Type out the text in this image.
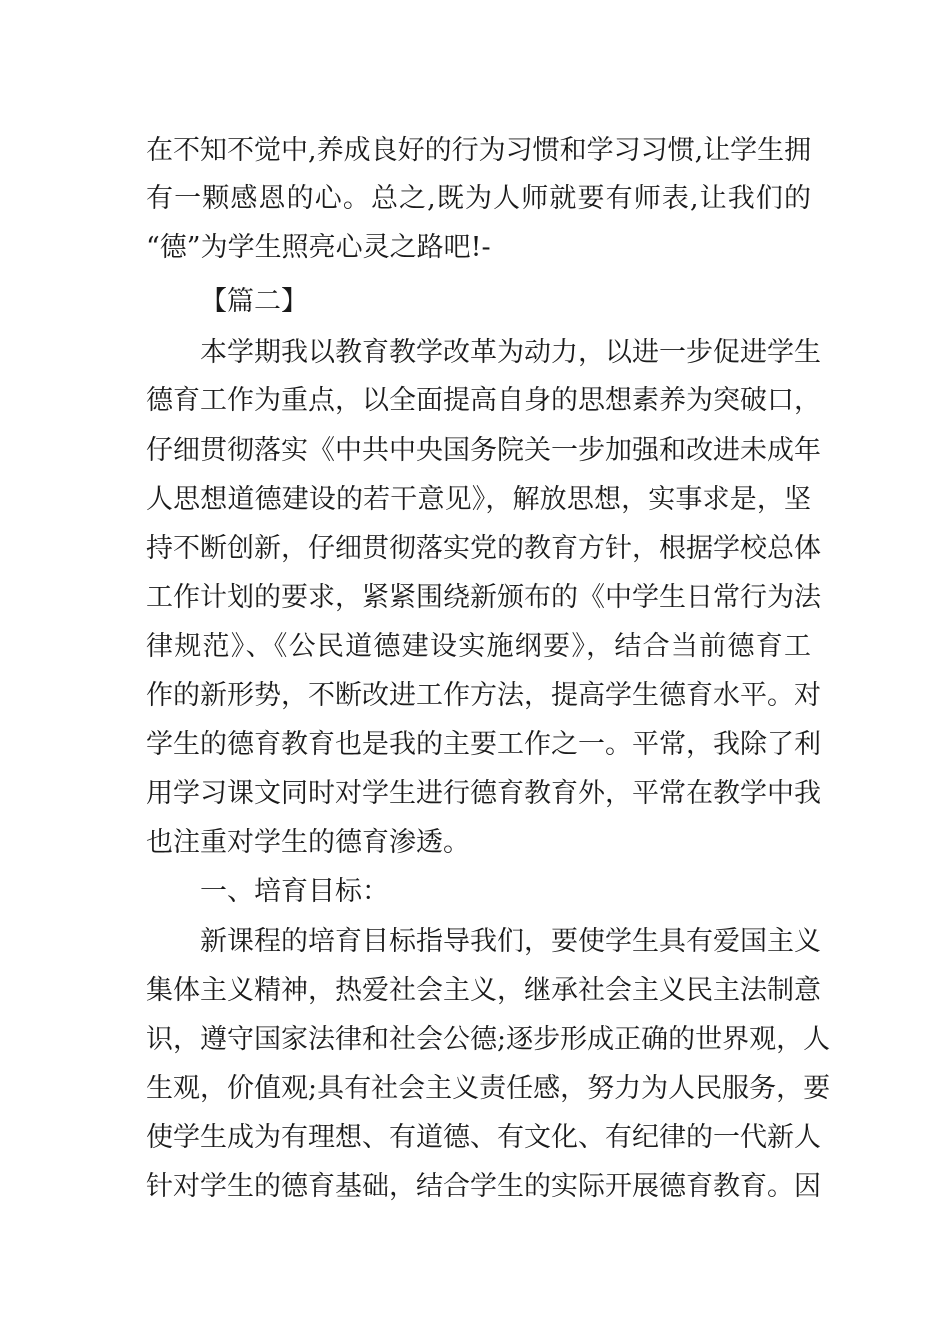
在不知不觉中,养成良好的行为习惯和学习习惯,让学生拥
有一颗感恩的心。总之,既为人师就要有师表,让我们的
“德”为学生照亮心灵之路吧!-
【篇二】
本学期我以教育教学改革为动力，以进一步促进学生
德育工作为重点，以全面提高自身的思想素养为突破口，
仔细贯彻落实《中共中央国务院关一步加强和改进未成年
人思想道德建设的若干意见》，解放思想，实事求是，坚
持不断创新，仔细贯彻落实党的教育方针，根据学校总体
工作计划的要求，紧紧围绕新颁布的《中学生日常行为法
律规范》、《公民道德建设实施纲要》，结合当前德育工
作的新形势，不断改进工作方法，提高学生德育水平。对
学生的德育教育也是我的主要工作之一。平常，我除了利
用学习课文同时对学生进行德育教育外，平常在教学中我
也注重对学生的德育渗透。
一、培育目标：
新课程的培育目标指导我们，要使学生具有爱国主义
集体主义精神，热爱社会主义，继承社会主义民主法制意
识，遵守国家法律和社会公德;逐步形成正确的世界观，人
生观，价值观;具有社会主义责任感，努力为人民服务，要
使学生成为有理想、有道德、有文化、有纪律的一代新人
针对学生的德育基础，结合学生的实际开展德育教育。因
